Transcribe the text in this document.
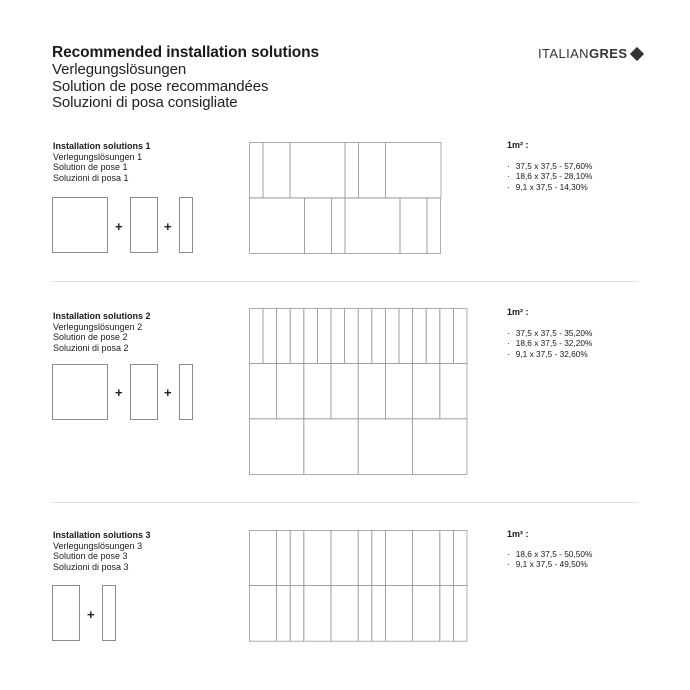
Recommended installation solutions
Verlegungslösungen
Solution de pose recommandées
Soluzioni di posa consigliate
ITALIAN GRES
Installation solutions 1
Verlegungslösungen 1
Solution de pose 1
Soluzioni di posa 1
+	+
1m² :
· 37,5 x 37,5 - 57,60%
· 18,6 x 37,5 - 28,10%
· 9,1 x 37,5 - 14,30%
Installation solutions 2
Verlegungslösungen 2
Solution de pose 2
Soluzioni di posa 2
+	+
1m² :
· 37,5 x 37,5 - 35,20%
· 18,6 x 37,5 - 32,20%
· 9,1 x 37,5 - 32,60%
Installation solutions 3
Verlegungslösungen 3
Solution de pose 3
Soluzioni di posa 3
+
1m² :
· 18,6 x 37,5 - 50,50%
· 9,1 x 37,5 - 49,50%
